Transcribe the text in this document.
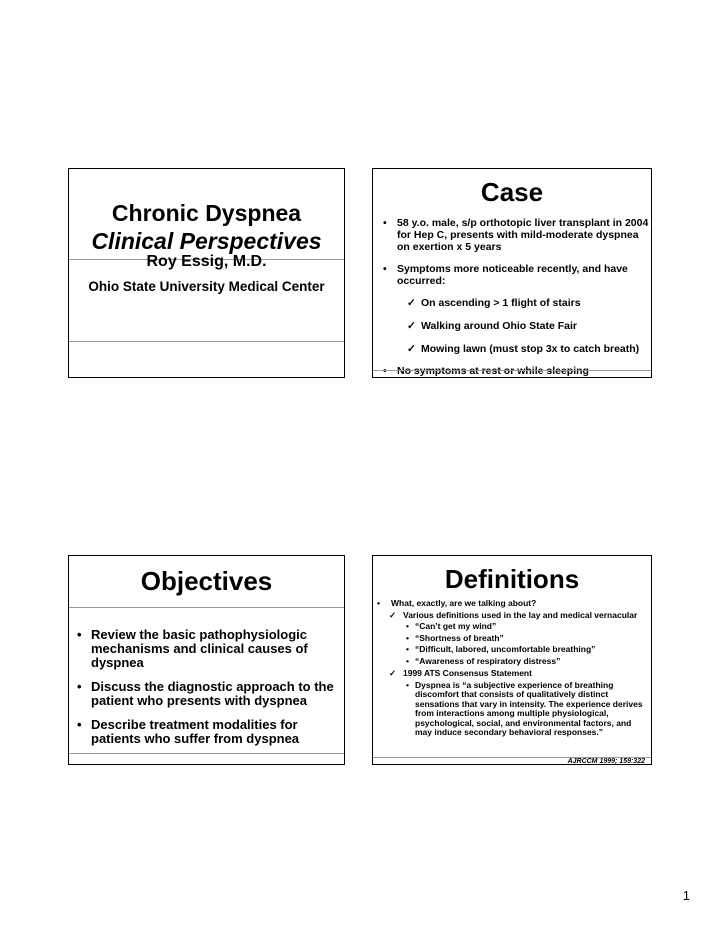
Chronic Dyspnea
Clinical Perspectives
Roy Essig, M.D.
Ohio State University Medical Center
Case
• 58 y.o. male, s/p orthotopic liver transplant in 2004 for Hep C, presents with mild-moderate dyspnea on exertion x 5 years
• Symptoms more noticeable recently, and have occurred:
✓ On ascending > 1 flight of stairs
✓ Walking around Ohio State Fair
✓ Mowing lawn (must stop 3x to catch breath)
• No symptoms at rest or while sleeping
Objectives
• Review the basic pathophysiologic mechanisms and clinical causes of dyspnea
• Discuss the diagnostic approach to the patient who presents with dyspnea
• Describe treatment modalities for patients who suffer from dyspnea
Definitions
• What, exactly, are we talking about?
✓ Various definitions used in the lay and medical vernacular
• “Can’t get my wind”
• “Shortness of breath”
• “Difficult, labored, uncomfortable breathing”
• “Awareness of respiratory distress”
✓ 1999 ATS Consensus Statement
• Dyspnea is “a subjective experience of breathing discomfort that consists of qualitatively distinct sensations that vary in intensity. The experience derives from interactions among multiple physiological, psychological, social, and environmental factors, and may induce secondary behavioral responses.”
AJRCCM 1999; 159:322
1
